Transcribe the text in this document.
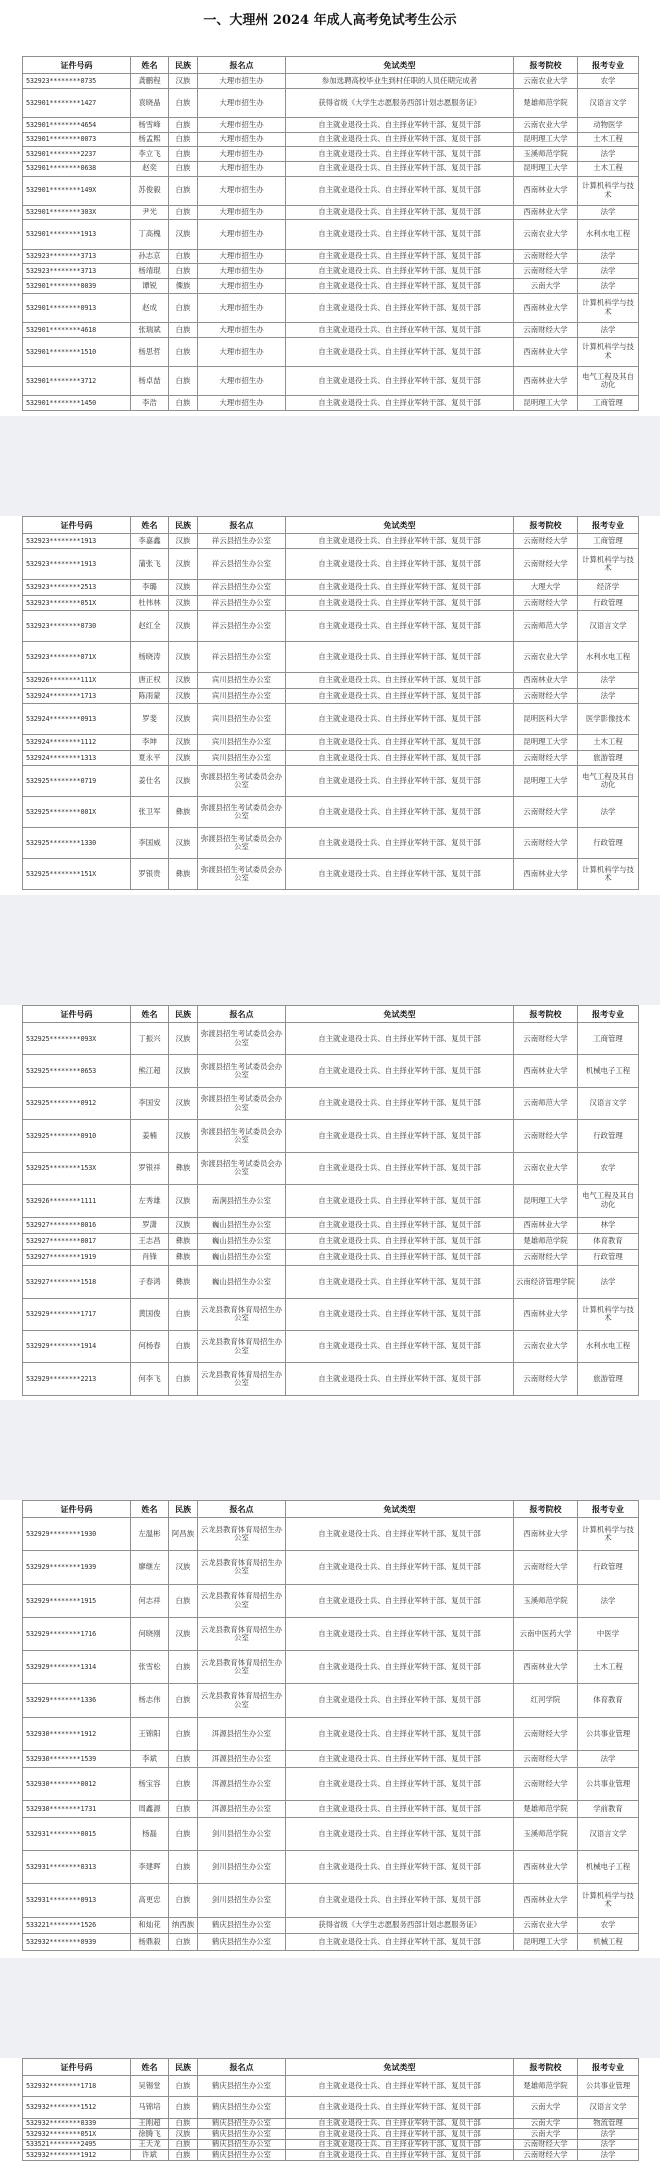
一、大理州 2024 年成人高考免试考生公示
证件号码	姓名	民族	报名点	免试类型	报考院校	报考专业
532923********0735	龚鹏程	汉族	大理市招生办	参加选聘高校毕业生到村任职的人员任期完成者	云南农业大学	农学
532901********1427	袁晓晶	白族	大理市招生办	获得省级《大学生志愿服务西部计划志愿服务证》	楚雄师范学院	汉语言文学
532901********4654	杨雪峰	白族	大理市招生办	自主就业退役士兵、自主择业军转干部、复员干部	云南农业大学	动物医学
532901********0073	杨孟熙	白族	大理市招生办	自主就业退役士兵、自主择业军转干部、复员干部	昆明理工大学	土木工程
532901********2237	李立飞	白族	大理市招生办	自主就业退役士兵、自主择业军转干部、复员干部	玉溪师范学院	法学
532901********0638	赵奕	白族	大理市招生办	自主就业退役士兵、自主择业军转干部、复员干部	昆明理工大学	土木工程
532901********149X	苏俊毅	白族	大理市招生办	自主就业退役士兵、自主择业军转干部、复员干部	西南林业大学	计算机科学与技术
532901********303X	尹光	白族	大理市招生办	自主就业退役士兵、自主择业军转干部、复员干部	西南林业大学	法学
532901********1913	丁高槐	汉族	大理市招生办	自主就业退役士兵、自主择业军转干部、复员干部	云南农业大学	水利水电工程
532923********3713	孙志京	白族	大理市招生办	自主就业退役士兵、自主择业军转干部、复员干部	云南财经大学	法学
532923********3713	杨靖琨	白族	大理市招生办	自主就业退役士兵、自主择业军转干部、复员干部	云南财经大学	法学
532901********0039	谭锐	傈族	大理市招生办	自主就业退役士兵、自主择业军转干部、复员干部	云南大学	法学
532901********0913	赵成	白族	大理市招生办	自主就业退役士兵、自主择业军转干部、复员干部	西南林业大学	计算机科学与技术
532901********4618	张瑞斌	白族	大理市招生办	自主就业退役士兵、自主择业军转干部、复员干部	云南财经大学	法学
532901********1510	杨思哲	白族	大理市招生办	自主就业退役士兵、自主择业军转干部、复员干部	西南林业大学	计算机科学与技术
532901********3712	杨卓喆	白族	大理市招生办	自主就业退役士兵、自主择业军转干部、复员干部	西南林业大学	电气工程及其自动化
532901********1450	李浩	白族	大理市招生办	自主就业退役士兵、自主择业军转干部、复员干部	昆明理工大学	工商管理
证件号码	姓名	民族	报名点	免试类型	报考院校	报考专业
532923********1913	李嘉鑫	汉族	祥云县招生办公室	自主就业退役士兵、自主择业军转干部、复员干部	云南财经大学	工商管理
532923********1913	蒲张飞	汉族	祥云县招生办公室	自主就业退役士兵、自主择业军转干部、复员干部	云南财经大学	计算机科学与技术
532923********2513	李璐	汉族	祥云县招生办公室	自主就业退役士兵、自主择业军转干部、复员干部	大理大学	经济学
532923********051X	杜伟林	汉族	祥云县招生办公室	自主就业退役士兵、自主择业军转干部、复员干部	云南财经大学	行政管理
532923********0730	赵红全	汉族	祥云县招生办公室	自主就业退役士兵、自主择业军转干部、复员干部	云南师范大学	汉语言文学
532923********071X	杨晓涛	汉族	祥云县招生办公室	自主就业退役士兵、自主择业军转干部、复员干部	云南农业大学	水利水电工程
532926********111X	唐正权	汉族	宾川县招生办公室	自主就业退役士兵、自主择业军转干部、复员干部	西南林业大学	法学
532924********1713	陈雨蒙	汉族	宾川县招生办公室	自主就业退役士兵、自主择业军转干部、复员干部	云南财经大学	法学
532924********0913	罗斐	汉族	宾川县招生办公室	自主就业退役士兵、自主择业军转干部、复员干部	昆明医科大学	医学影像技术
532924********1112	李坤	汉族	宾川县招生办公室	自主就业退役士兵、自主择业军转干部、复员干部	昆明理工大学	土木工程
532924********1313	夏永平	汉族	宾川县招生办公室	自主就业退役士兵、自主择业军转干部、复员干部	云南财经大学	旅游管理
532925********0719	姜仕名	汉族	弥渡县招生考试委员会办公室	自主就业退役士兵、自主择业军转干部、复员干部	昆明理工大学	电气工程及其自动化
532925********001X	张卫军	彝族	弥渡县招生考试委员会办公室	自主就业退役士兵、自主择业军转干部、复员干部	云南财经大学	法学
532925********1330	李国威	汉族	弥渡县招生考试委员会办公室	自主就业退役士兵、自主择业军转干部、复员干部	云南财经大学	行政管理
532925********151X	罗银贵	彝族	弥渡县招生考试委员会办公室	自主就业退役士兵、自主择业军转干部、复员干部	西南林业大学	计算机科学与技术
证件号码	姓名	民族	报名点	免试类型	报考院校	报考专业
532925********093X	丁振兴	汉族	弥渡县招生考试委员会办公室	自主就业退役士兵、自主择业军转干部、复员干部	云南财经大学	工商管理
532925********0653	熊江超	汉族	弥渡县招生考试委员会办公室	自主就业退役士兵、自主择业军转干部、复员干部	西南林业大学	机械电子工程
532925********0912	李国安	汉族	弥渡县招生考试委员会办公室	自主就业退役士兵、自主择业军转干部、复员干部	云南师范大学	汉语言文学
532925********0910	姜楠	汉族	弥渡县招生考试委员会办公室	自主就业退役士兵、自主择业军转干部、复员干部	云南财经大学	行政管理
532925********153X	罗银祥	彝族	弥渡县招生考试委员会办公室	自主就业退役士兵、自主择业军转干部、复员干部	云南农业大学	农学
532926********1111	左秀雄	汉族	南涧县招生办公室	自主就业退役士兵、自主择业军转干部、复员干部	昆明理工大学	电气工程及其自动化
532927********0016	罗潇	汉族	巍山县招生办公室	自主就业退役士兵、自主择业军转干部、复员干部	西南林业大学	林学
532927********0017	王志昌	彝族	巍山县招生办公室	自主就业退役士兵、自主择业军转干部、复员干部	楚雄师范学院	体育教育
532927********1919	肖锋	彝族	巍山县招生办公室	自主就业退役士兵、自主择业军转干部、复员干部	云南财经大学	行政管理
532927********1518	子春鸿	彝族	巍山县招生办公室	自主就业退役士兵、自主择业军转干部、复员干部	云南经济管理学院	法学
532929********1717	黄国俊	白族	云龙县教育体育局招生办公室	自主就业退役士兵、自主择业军转干部、复员干部	西南林业大学	计算机科学与技术
532929********1914	何杨春	白族	云龙县教育体育局招生办公室	自主就业退役士兵、自主择业军转干部、复员干部	云南农业大学	水利水电工程
532929********2213	何李飞	白族	云龙县教育体育局招生办公室	自主就业退役士兵、自主择业军转干部、复员干部	云南财经大学	旅游管理
证件号码	姓名	民族	报名点	免试类型	报考院校	报考专业
532929********1930	左温彬	阿昌族	云龙县教育体育局招生办公室	自主就业退役士兵、自主择业军转干部、复员干部	西南林业大学	计算机科学与技术
532929********1939	廖继左	汉族	云龙县教育体育局招生办公室	自主就业退役士兵、自主择业军转干部、复员干部	云南财经大学	行政管理
532929********1915	何志祥	白族	云龙县教育体育局招生办公室	自主就业退役士兵、自主择业军转干部、复员干部	玉溪师范学院	法学
532929********1716	何晓刚	汉族	云龙县教育体育局招生办公室	自主就业退役士兵、自主择业军转干部、复员干部	云南中医药大学	中医学
532929********1314	张雪松	白族	云龙县教育体育局招生办公室	自主就业退役士兵、自主择业军转干部、复员干部	西南林业大学	土木工程
532929********1336	杨志伟	白族	云龙县教育体育局招生办公室	自主就业退役士兵、自主择业军转干部、复员干部	红河学院	体育教育
532930********1912	王锦阳	白族	洱源县招生办公室	自主就业退役士兵、自主择业军转干部、复员干部	云南财经大学	公共事业管理
532930********1539	李斌	白族	洱源县招生办公室	自主就业退役士兵、自主择业军转干部、复员干部	云南财经大学	法学
532930********0012	杨宝容	白族	洱源县招生办公室	自主就业退役士兵、自主择业军转干部、复员干部	云南财经大学	公共事业管理
532930********1731	周鑫源	白族	洱源县招生办公室	自主就业退役士兵、自主择业军转干部、复员干部	楚雄师范学院	学前教育
532931********0015	杨磊	白族	剑川县招生办公室	自主就业退役士兵、自主择业军转干部、复员干部	玉溪师范学院	汉语言文学
532931********0313	李建晖	白族	剑川县招生办公室	自主就业退役士兵、自主择业军转干部、复员干部	西南林业大学	机械电子工程
532931********0913	高更忠	白族	剑川县招生办公室	自主就业退役士兵、自主择业军转干部、复员干部	西南林业大学	计算机科学与技术
533221********1526	和灿花	纳西族	鹤庆县招生办公室	获得省级《大学生志愿服务西部计划志愿服务证》	云南农业大学	农学
532932********0939	杨鼎殺	白族	鹤庆县招生办公室	自主就业退役士兵、自主择业军转干部、复员干部	昆明理工大学	机械工程
证件号码	姓名	民族	报名点	免试类型	报考院校	报考专业
532932********1718	吴锡堂	白族	鹤庆县招生办公室	自主就业退役士兵、自主择业军转干部、复员干部	楚雄师范学院	公共事业管理
532932********1512	马锦培	白族	鹤庆县招生办公室	自主就业退役士兵、自主择业军转干部、复员干部	云南大学	汉语言文学
532932********0339	王刚超	白族	鹤庆县招生办公室	自主就业退役士兵、自主择业军转干部、复员干部	云南大学	物流管理
532932********051X	徐腾飞	汉族	鹤庆县招生办公室	自主就业退役士兵、自主择业军转干部、复员干部	云南大学	法学
533521********2495	王天龙	白族	鹤庆县招生办公室	自主就业退役士兵、自主择业军转干部、复员干部	云南财经大学	法学
532932********1912	许斌	白族	鹤庆县招生办公室	自主就业退役士兵、自主择业军转干部、复员干部	云南财经大学	法学
